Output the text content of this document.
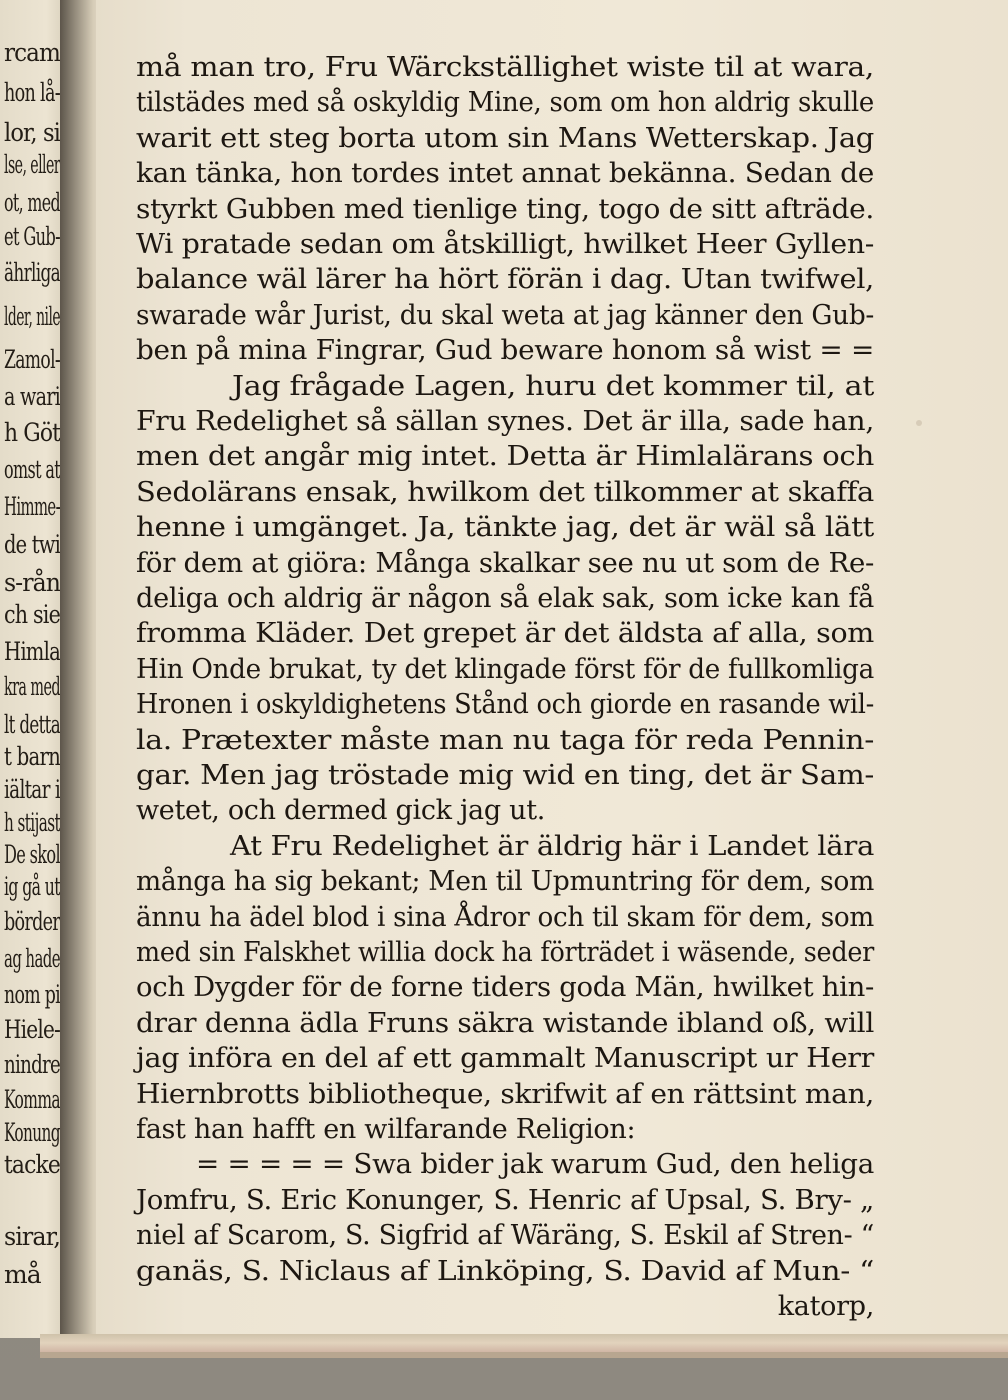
rcam
hon lå-
lor, si
lse, eller
ot, med
et Gub-
ährliga
lder, nile
Zamol-
a wari
h Göt
omst at
Himme-
de twi
s-rån
ch sie
Himla
kra med
lt detta
t barn
iältar i
h stijast
De skol
ig gå ut
börder
ag hade
nom pi
Hiele-
nindre
Komma
Konung
tacke
sirar,
må
må man tro, Fru Wärckställighet wiste til at wara,
tilstädes med så oskyldig Mine, som om hon aldrig skulle
warit ett steg borta utom sin Mans Wetterskap. Jag
kan tänka, hon tordes intet annat bekänna. Sedan de
styrkt Gubben med tienlige ting, togo de sitt afträde.
Wi pratade sedan om åtskilligt, hwilket Heer Gyllen-
balance wäl lärer ha hört förän i dag. Utan twifwel,
swarade wår Jurist, du skal weta at jag känner den Gub-
ben på mina Fingrar, Gud beware honom så wist = =
Jag frågade Lagen, huru det kommer til, at
Fru Redelighet så sällan synes. Det är illa, sade han,
men det angår mig intet. Detta är Himlalärans och
Sedolärans ensak, hwilkom det tilkommer at skaffa
henne i umgänget. Ja, tänkte jag, det är wäl så lätt
för dem at giöra: Många skalkar see nu ut som de Re-
deliga och aldrig är någon så elak sak, som icke kan få
fromma Kläder. Det grepet är det äldsta af alla, som
Hin Onde brukat, ty det klingade först för de fullkomliga
Hronen i oskyldighetens Stånd och giorde en rasande wil-
la. Prætexter måste man nu taga för reda Pennin-
gar. Men jag tröstade mig wid en ting, det är Sam-
wetet, och dermed gick jag ut.
At Fru Redelighet är äldrig här i Landet lära
många ha sig bekant; Men til Upmuntring för dem, som
ännu ha ädel blod i sina Ådror och til skam för dem, som
med sin Falskhet willia dock ha förträdet i wäsende, seder
och Dygder för de forne tiders goda Män, hwilket hin-
drar denna ädla Fruns säkra wistande ibland oß, will
jag införa en del af ett gammalt Manuscript ur Herr
Hiernbrotts bibliotheque, skrifwit af en rättsint man,
fast han hafft en wilfarande Religion:
= = = = = Swa bider jak warum Gud, den heliga
Jomfru, S. Eric Konunger, S. Henric af Upsal, S. Bry- „
niel af Scarom, S. Sigfrid af Wäräng, S. Eskil af Stren- “
ganäs, S. Niclaus af Linköping, S. David af Mun- “
katorp,
